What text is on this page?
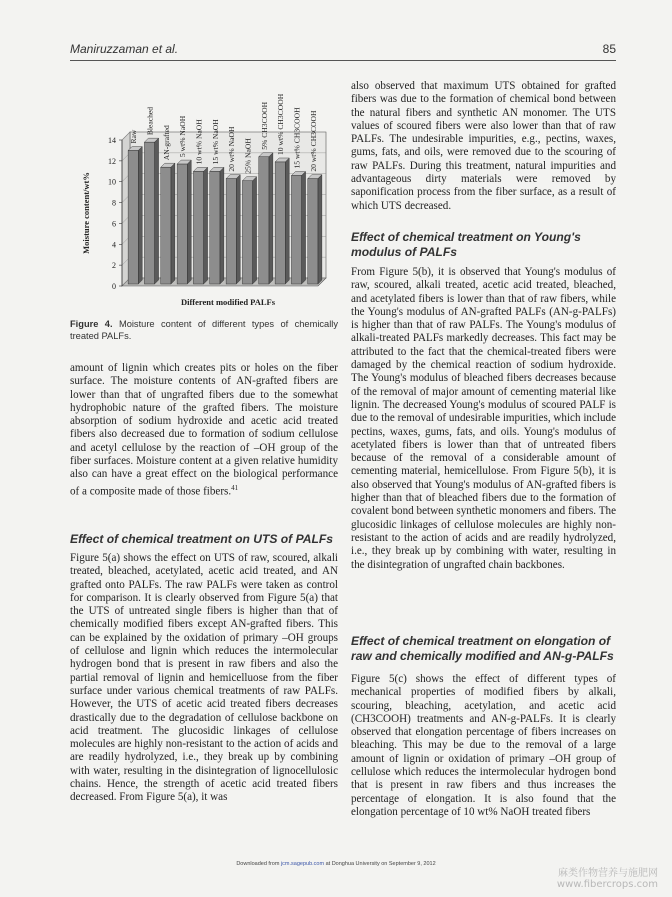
Maniruzzaman et al.	85
0
2
4
6
8
10
12
14 Raw
Bleached
AN-grafted 5 wt% NaOH 10 wt% NaOH 15 wt% NaOH 20 wt% NaOH 25% NaOH
5% CH3COOH 10 wt% CH3COOH 15 wt% CH3COOH 20 wt% CH3COOH
Moisture content/wt%
Different modified PALFs
Figure 4. Moisture content of different types of chemically treated PALFs.

amount of lignin which creates pits or holes on the fiber surface. The moisture contents of AN-grafted fibers are lower than that of ungrafted fibers due to the somewhat hydrophobic nature of the grafted fibers. The moisture absorption of sodium hydroxide and acetic acid treated fibers also decreased due to formation of sodium cellulose and acetyl cellulose by the reaction of –OH group of the fiber surfaces. Moisture content at a given relative humidity also can have a great effect on the biological performance of a composite made of those fibers.$^{41}$

Effect of chemical treatment on UTS of PALFs

Figure 5(a) shows the effect on UTS of raw, scoured, alkali treated, bleached, acetylated, acetic acid treated, and AN grafted onto PALFs. The raw PALFs were taken as control for comparison. It is clearly observed from Figure 5(a) that the UTS of untreated single fibers is higher than that of chemically modified fibers except AN-grafted fibers. This can be explained by the oxidation of primary –OH groups of cellulose and lignin which reduces the intermolecular hydrogen bond that is present in raw fibers and also the partial removal of lignin and hemicelluose from the fiber surface under various chemical treatments of raw PALFs. However, the UTS of acetic acid treated fibers decreases drastically due to the degradation of cellulose backbone on acid treatment. The glucosidic linkages of cellulose molecules are highly non-resistant to the action of acids and are readily hydrolyzed, i.e., they break up by combining with water, resulting in the disintegration of lignocellulosic chains. Hence, the strength of acetic acid treated fibers decreased. From Figure 5(a), it was

also observed that maximum UTS obtained for grafted fibers was due to the formation of chemical bond between the natural fibers and synthetic AN monomer. The UTS values of scoured fibers were also lower than that of raw PALFs. The undesirable impurities, e.g., pectins, waxes, gums, fats, and oils, were removed due to the scouring of raw PALFs. During this treatment, natural impurities and advantageous dirty materials were removed by saponification process from the fiber surface, as a result of which UTS decreased.

Effect of chemical treatment on Young's modulus of PALFs

From Figure 5(b), it is observed that Young's modulus of raw, scoured, alkali treated, acetic acid treated, bleached, and acetylated fibers is lower than that of raw fibers, while the Young's modulus of AN-grafted PALFs (AN-g-PALFs) is higher than that of raw PALFs. The Young's modulus of alkali-treated PALFs markedly decreases. This fact may be attributed to the fact that the chemical-treated fibers were damaged by the chemical reaction of sodium hydroxide. The Young's modulus of bleached fibers decreases because of the removal of major amount of cementing material like lignin. The decreased Young's modulus of scoured PALF is due to the removal of undesirable impurities, which include pectins, waxes, gums, fats, and oils. Young's modulus of acetylated fibers is lower than that of untreated fibers because of the removal of a considerable amount of cementing material, hemicellulose. From Figure 5(b), it is also observed that Young's modulus of AN-grafted fibers is higher than that of bleached fibers due to the formation of covalent bond between synthetic monomers and fibers. The glucosidic linkages of cellulose molecules are highly non-resistant to the action of acids and are readily hydrolyzed, i.e., they break up by combining with water, resulting in the disintegration of ungrafted chain backbones.

Effect of chemical treatment on elongation of raw and chemically modified and AN-g-PALFs

Figure 5(c) shows the effect of different types of mechanical properties of modified fibers by alkali, scouring, bleaching, acetylation, and acetic acid (CH3COOH) treatments and AN-g-PALFs. It is clearly observed that elongation percentage of fibers increases on bleaching. This may be due to the removal of a large amount of lignin or oxidation of primary –OH group of cellulose which reduces the intermolecular hydrogen bond that is present in raw fibers and thus increases the percentage of elongation. It is also found that the elongation percentage of 10 wt% NaOH treated fibers

Downloaded from jcm.sagepub.com at Donghua University on September 9, 2012
麻类作物营养与施肥网
www.fibercrops.com
